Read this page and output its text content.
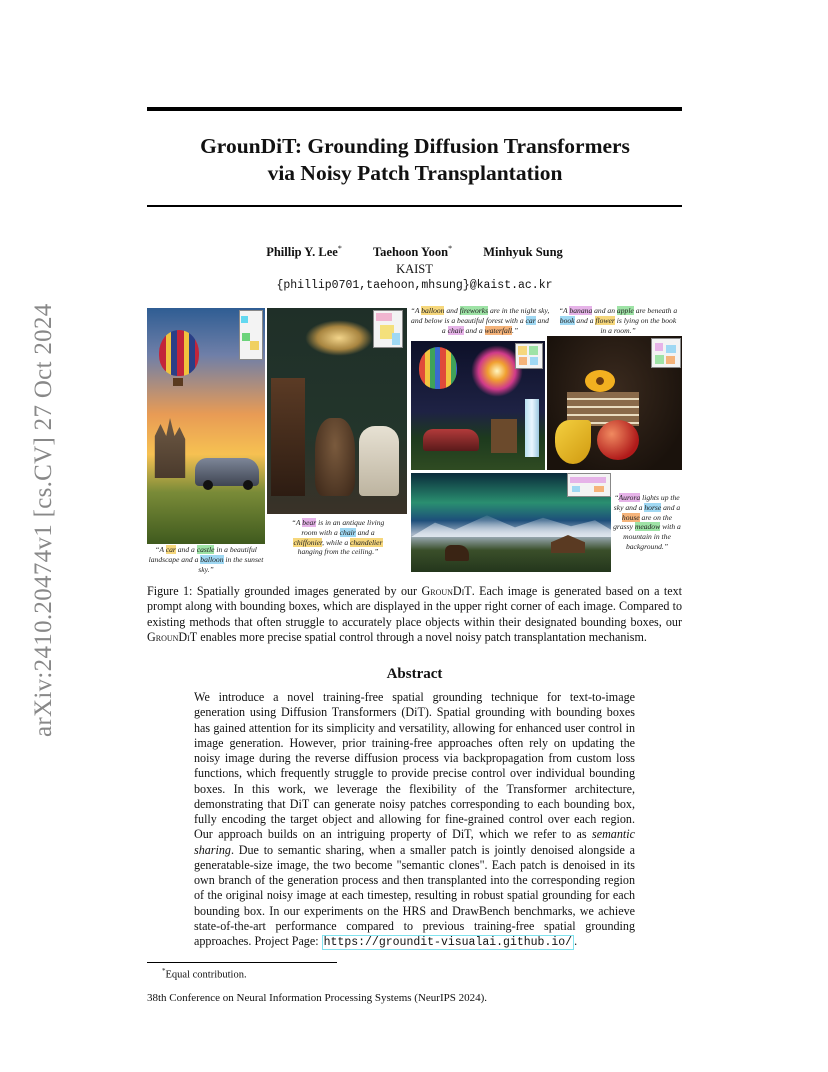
arXiv:2410.20474v1 [cs.CV] 27 Oct 2024
GrounDiT: Grounding Diffusion Transformers
via Noisy Patch Transplantation
Phillip Y. Lee* Taehoon Yoon* Minhyuk Sung
KAIST
{phillip0701,taehoon,mhsung}@kaist.ac.kr
“A car and a castle in a beautiful landscape and a balloon in the sunset sky.”
“A bear is in an antique living room with a chair and a chiffonier, while a chandelier hanging from the ceiling.”
“A balloon and fireworks are in the night sky, and below is a beautiful forest with a car and a chair and a waterfall.”
“A banana and an apple are beneath a book and a flower is lying on the book in a room.”
“Aurora lights up the sky and a horse and a house are on the grassy meadow with a mountain in the background.”
Figure 1: Spatially grounded images generated by our GrounDiT. Each image is generated based on a text prompt along with bounding boxes, which are displayed in the upper right corner of each image. Compared to existing methods that often struggle to accurately place objects within their designated bounding boxes, our GrounDiT enables more precise spatial control through a novel noisy patch transplantation mechanism.
Abstract
We introduce a novel training-free spatial grounding technique for text-to-image generation using Diffusion Transformers (DiT). Spatial grounding with bounding boxes has gained attention for its simplicity and versatility, allowing for enhanced user control in image generation. However, prior training-free approaches often rely on updating the noisy image during the reverse diffusion process via backpropagation from custom loss functions, which frequently struggle to provide precise control over individual bounding boxes. In this work, we leverage the flexibility of the Transformer architecture, demonstrating that DiT can generate noisy patches corresponding to each bounding box, fully encoding the target object and allowing for fine-grained control over each region. Our approach builds on an intriguing property of DiT, which we refer to as semantic sharing. Due to semantic sharing, when a smaller patch is jointly denoised alongside a generatable-size image, the two become "semantic clones". Each patch is denoised in its own branch of the generation process and then transplanted into the corresponding region of the original noisy image at each timestep, resulting in robust spatial grounding for each bounding box. In our experiments on the HRS and DrawBench benchmarks, we achieve state-of-the-art performance compared to previous training-free spatial grounding approaches. Project Page: https://groundit-visualai.github.io/ .
*Equal contribution.
38th Conference on Neural Information Processing Systems (NeurIPS 2024).
